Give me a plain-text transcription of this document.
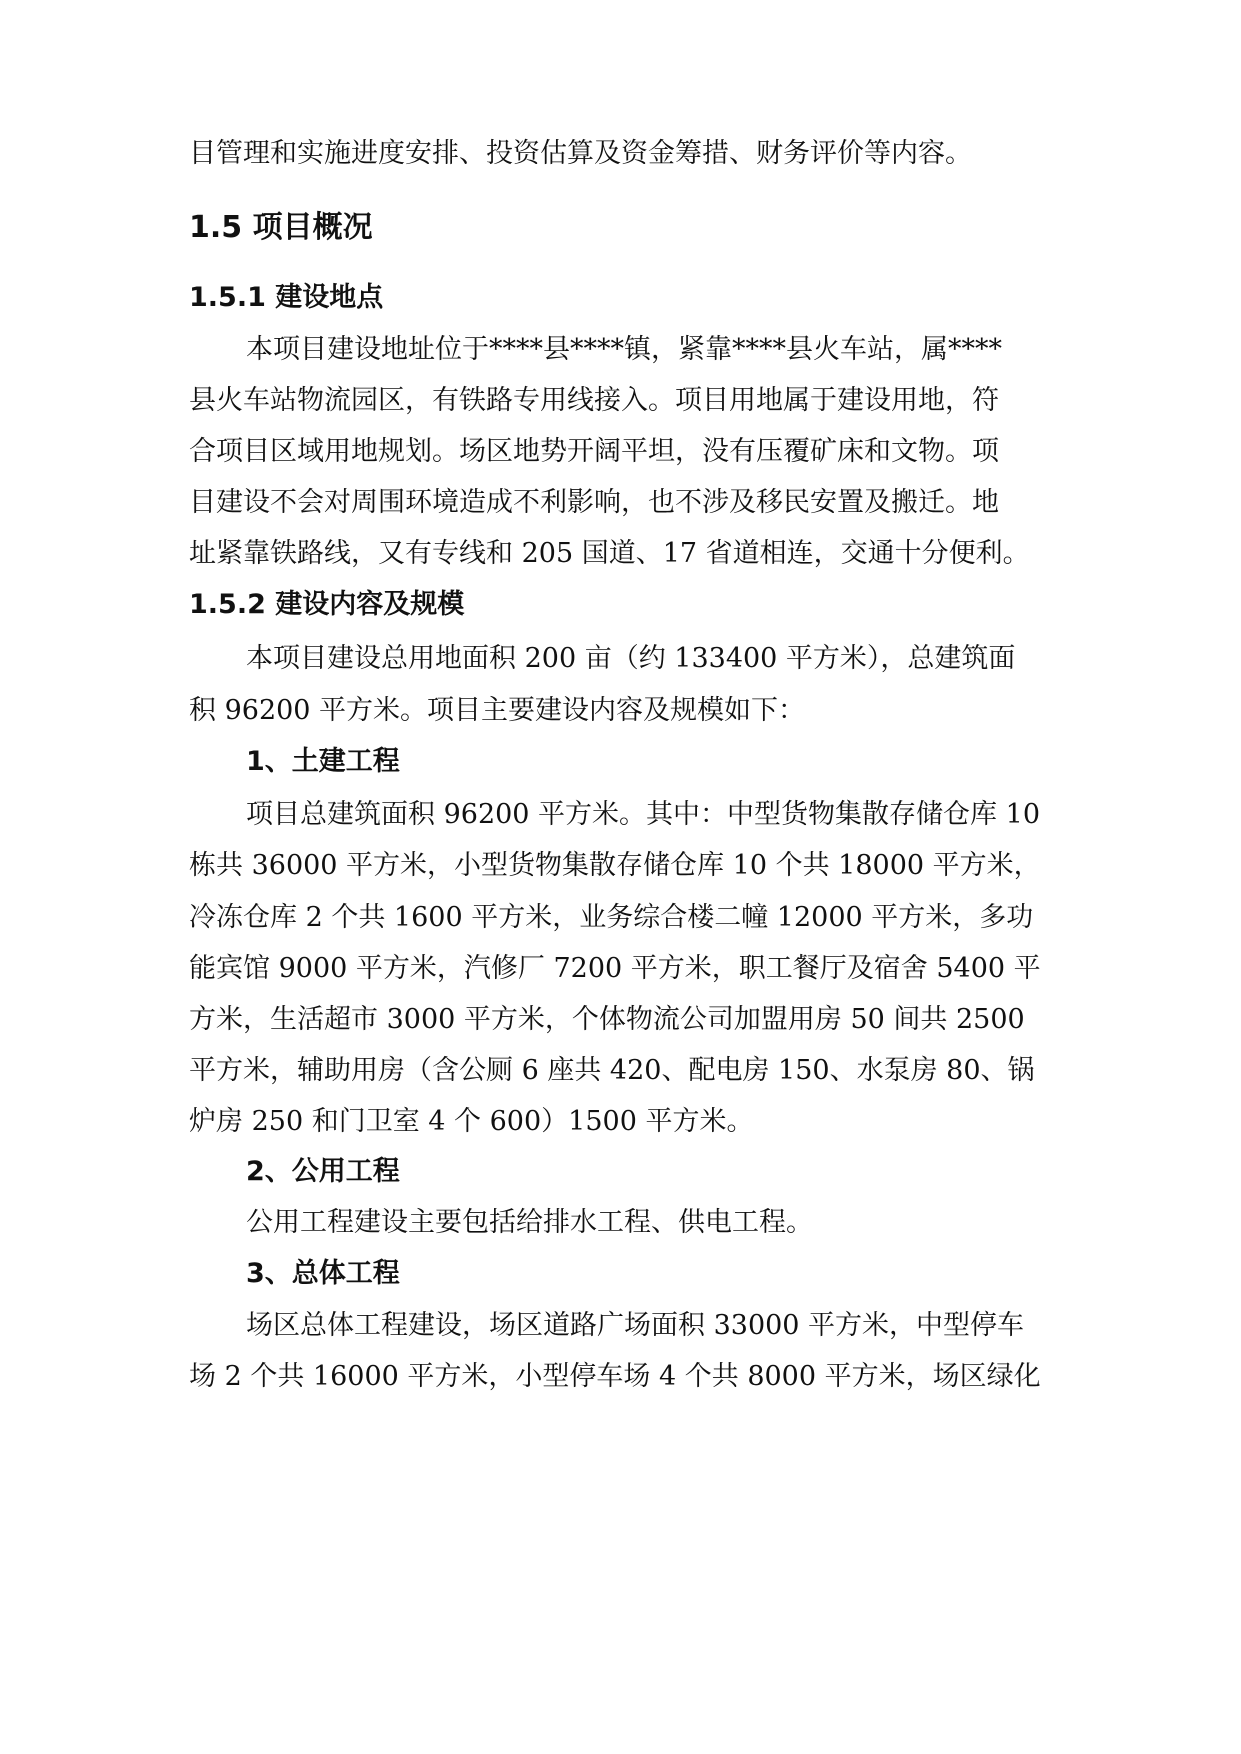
目管理和实施进度安排、投资估算及资金筹措、财务评价等内容。
1.5 项目概况
1.5.1 建设地点
本项目建设地址位于****县****镇，紧靠****县火车站，属****
县火车站物流园区，有铁路专用线接入。项目用地属于建设用地，符
合项目区域用地规划。场区地势开阔平坦，没有压覆矿床和文物。项
目建设不会对周围环境造成不利影响，也不涉及移民安置及搬迁。地
址紧靠铁路线，又有专线和 205 国道、17 省道相连，交通十分便利。
1.5.2 建设内容及规模
本项目建设总用地面积 200 亩（约 133400 平方米），总建筑面
积 96200 平方米。项目主要建设内容及规模如下：
1、土建工程
项目总建筑面积 96200 平方米。其中：中型货物集散存储仓库 10
栋共 36000 平方米，小型货物集散存储仓库 10 个共 18000 平方米，
冷冻仓库 2 个共 1600 平方米，业务综合楼二幢 12000 平方米，多功
能宾馆 9000 平方米，汽修厂 7200 平方米，职工餐厅及宿舍 5400 平
方米，生活超市 3000 平方米，个体物流公司加盟用房 50 间共 2500
平方米，辅助用房（含公厕 6 座共 420、配电房 150、水泵房 80、锅
炉房 250 和门卫室 4 个 600）1500 平方米。
2、公用工程
公用工程建设主要包括给排水工程、供电工程。
3、总体工程
场区总体工程建设，场区道路广场面积 33000 平方米，中型停车
场 2 个共 16000 平方米，小型停车场 4 个共 8000 平方米，场区绿化
